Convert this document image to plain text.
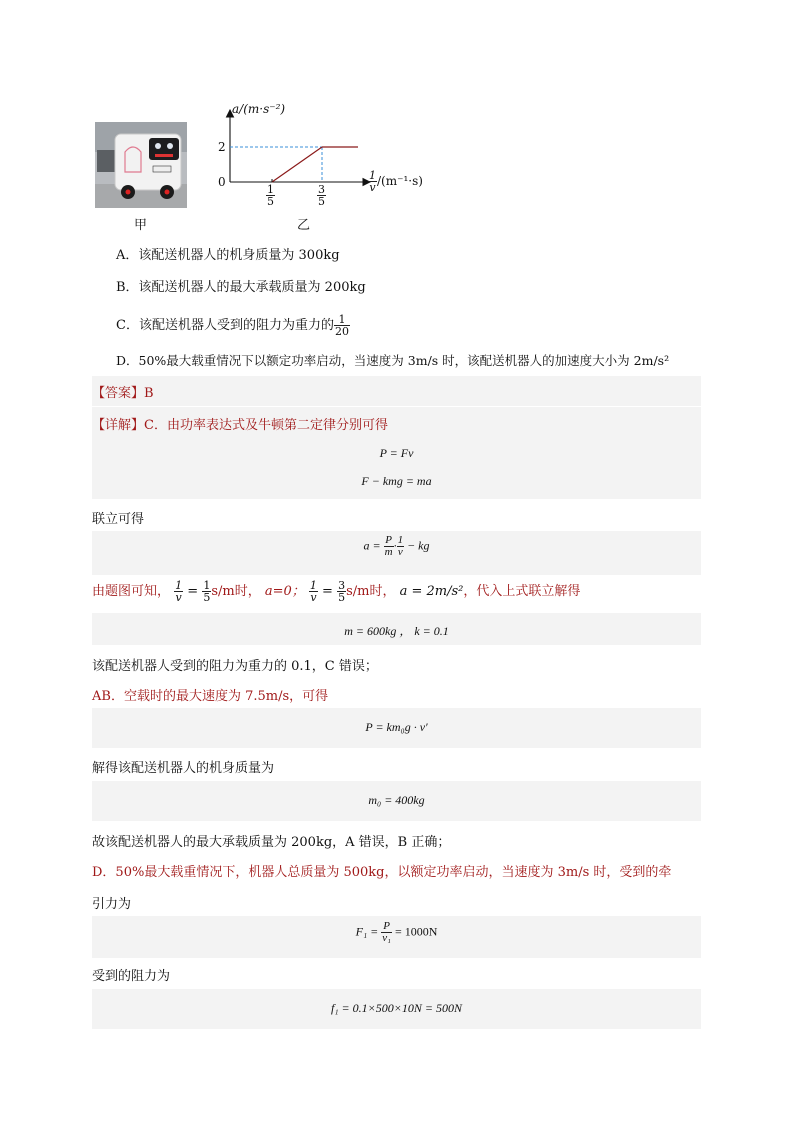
甲
a/(m·s⁻²)
2
0
$\frac{1}{5}$	$\frac{3}{5}$
$\frac{1}{v} /(m^{-1}\cdot s)$
乙
A．该配送机器人的机身质量为 300kg
B．该配送机器人的最大承载质量为 200kg
C．该配送机器人受到的阻力为重力的 $\frac{1}{20}$
D．50%最大载重情况下以额定功率启动，当速度为 3m/s 时，该配送机器人的加速度大小为 2m/s²
【答案】B
【详解】C．由功率表达式及牛顿第二定律分别可得
P = Fv
F − kmg = ma
联立可得
$a = \frac{P}{m} \cdot \frac{1}{v}$ − kg
由题图可知， $\frac{1}{v} = \frac{1}{5} s/m$时， a=0； $\frac{1}{v} = \frac{3}{5} s/m$时， a = 2m/s²，代入上式联立解得
m = 600kg ， k = 0.1
该配送机器人受到的阻力为重力的 0.1，C 错误；
AB．空载时的最大速度为 7.5m/s，可得
P = km₀g · v′
解得该配送机器人的机身质量为
m₀ = 400kg
故该配送机器人的最大承载质量为 200kg，A 错误，B 正确；
D．50%最大载重情况下，机器人总质量为 500kg，以额定功率启动，当速度为 3m/s 时，受到的牵
引力为
$F_1 = \frac{P}{\text{v₁}} = 1000N$
受到的阻力为
f₁ = 0.1×500×10N = 500N
